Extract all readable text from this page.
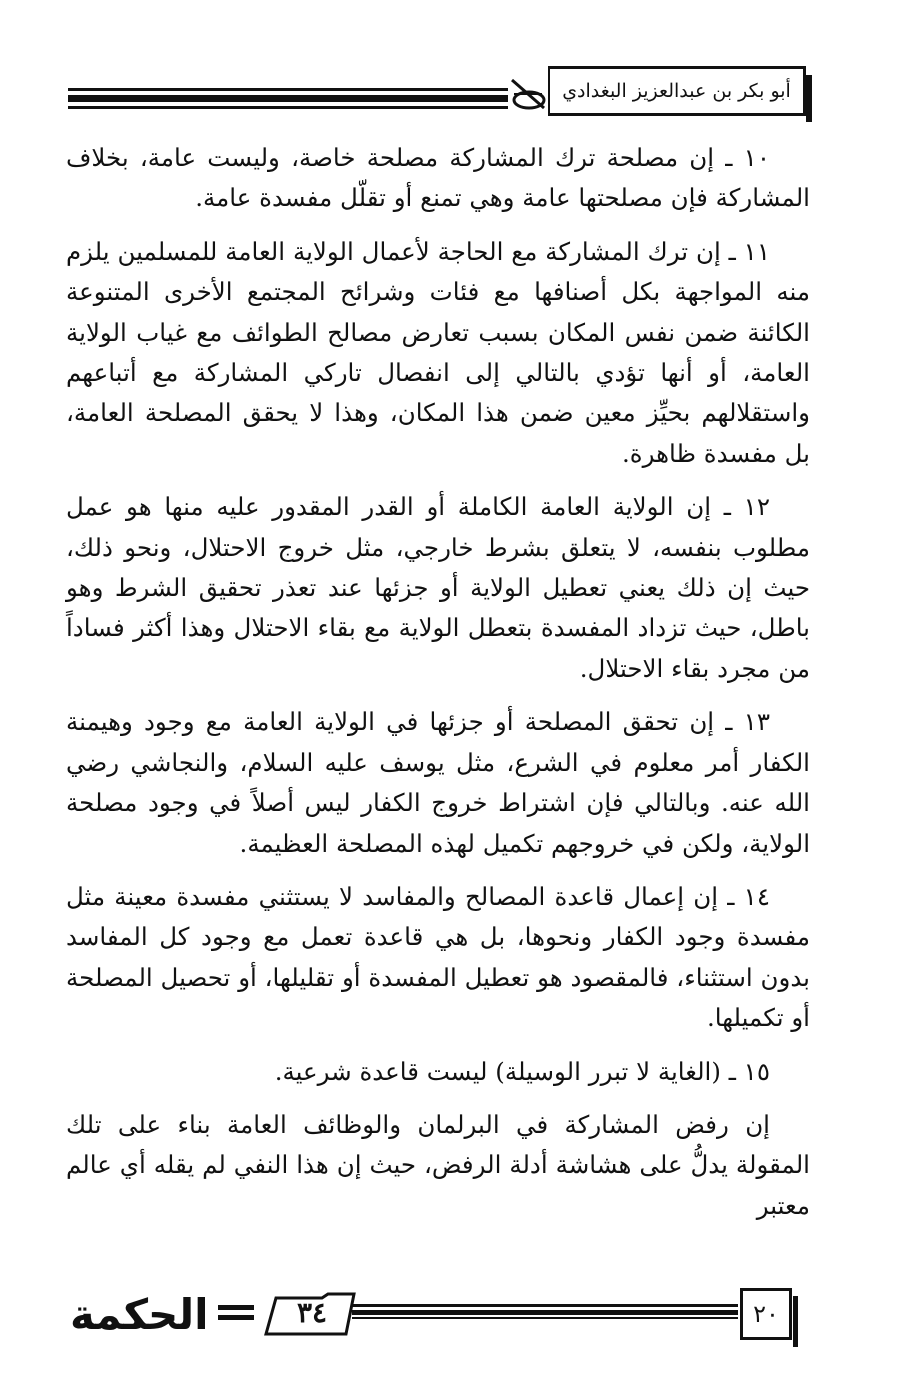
أبو بكر بن عبدالعزيز البغدادي

١٠ ـ إن مصلحة ترك المشاركة مصلحة خاصة، وليست عامة، بخلاف المشاركة فإن مصلحتها عامة وهي تمنع أو تقلّل مفسدة عامة.

١١ ـ إن ترك المشاركة مع الحاجة لأعمال الولاية العامة للمسلمين يلزم منه المواجهة بكل أصنافها مع فئات وشرائح المجتمع الأخرى المتنوعة الكائنة ضمن نفس المكان بسبب تعارض مصالح الطوائف مع غياب الولاية العامة، أو أنها تؤدي بالتالي إلى انفصال تاركي المشاركة مع أتباعهم واستقلالهم بحيِّز معين ضمن هذا المكان، وهذا لا يحقق المصلحة العامة، بل مفسدة ظاهرة.

١٢ ـ إن الولاية العامة الكاملة أو القدر المقدور عليه منها هو عمل مطلوب بنفسه، لا يتعلق بشرط خارجي، مثل خروج الاحتلال، ونحو ذلك، حيث إن ذلك يعني تعطيل الولاية أو جزئها عند تعذر تحقيق الشرط وهو باطل، حيث تزداد المفسدة بتعطل الولاية مع بقاء الاحتلال وهذا أكثر فساداً من مجرد بقاء الاحتلال.

١٣ ـ إن تحقق المصلحة أو جزئها في الولاية العامة مع وجود وهيمنة الكفار أمر معلوم في الشرع، مثل يوسف عليه السلام، والنجاشي رضي الله عنه. وبالتالي فإن اشتراط خروج الكفار ليس أصلاً في وجود مصلحة الولاية، ولكن في خروجهم تكميل لهذه المصلحة العظيمة.

١٤ ـ إن إعمال قاعدة المصالح والمفاسد لا يستثني مفسدة معينة مثل مفسدة وجود الكفار ونحوها، بل هي قاعدة تعمل مع وجود كل المفاسد بدون استثناء، فالمقصود هو تعطيل المفسدة أو تقليلها، أو تحصيل المصلحة أو تكميلها.

١٥ ـ (الغاية لا تبرر الوسيلة) ليست قاعدة شرعية.

إن رفض المشاركة في البرلمان والوظائف العامة بناء على تلك المقولة يدلُّ على هشاشة أدلة الرفض، حيث إن هذا النفي لم يقله أي عالم معتبر

الحكمة	٣٤	٢٠
